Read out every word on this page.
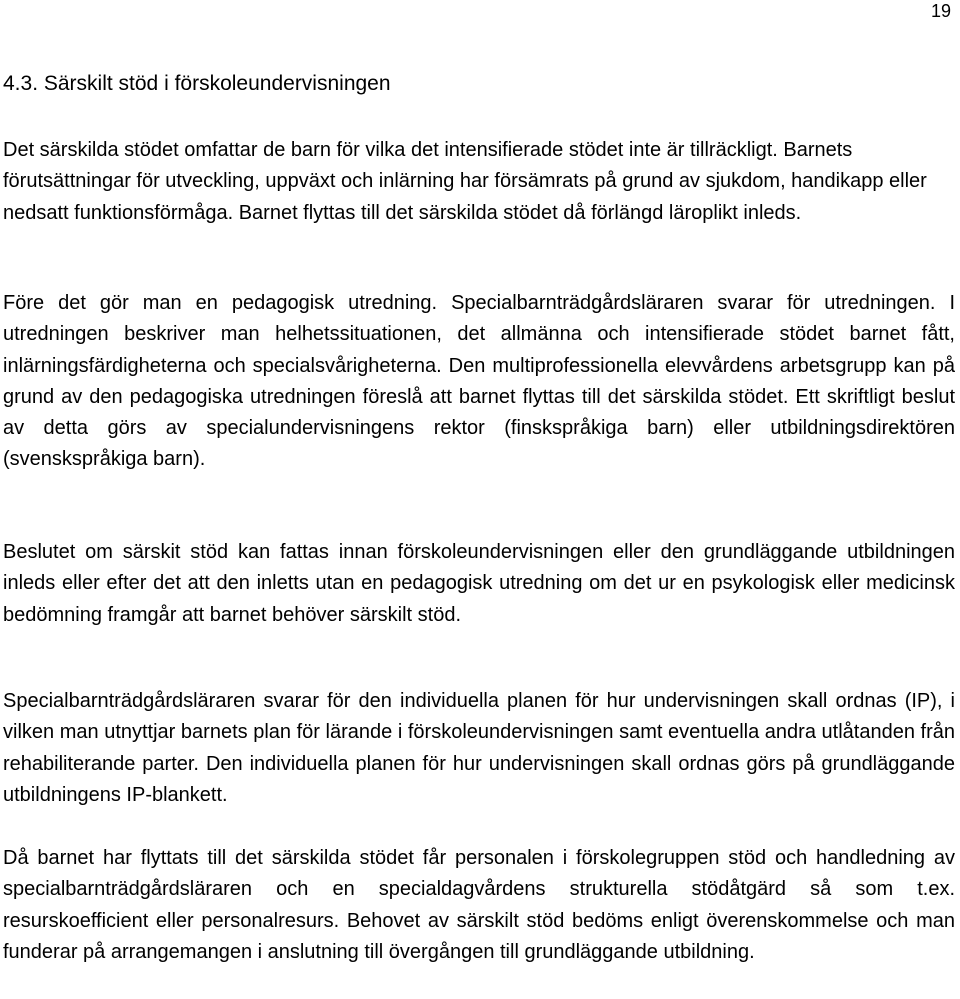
19
4.3. Särskilt stöd i förskoleundervisningen

Det särskilda stödet omfattar de barn för vilka det intensifierade stödet inte är tillräckligt. Barnets förutsättningar för utveckling, uppväxt och inlärning har försämrats på grund av sjukdom, handikapp eller nedsatt funktionsförmåga. Barnet flyttas till det särskilda stödet då förlängd läroplikt inleds.

Före det gör man en pedagogisk utredning. Specialbarnträdgårdsläraren svarar för utredningen. I utredningen beskriver man helhetssituationen, det allmänna och intensifierade stödet barnet fått, inlärningsfärdigheterna och specialsvårigheterna. Den multiprofessionella elevvårdens arbetsgrupp kan på grund av den pedagogiska utredningen föreslå att barnet flyttas till det särskilda stödet. Ett skriftligt beslut av detta görs av specialundervisningens rektor (finskspråkiga barn) eller utbildningsdirektören (svenskspråkiga barn).

Beslutet om särskit stöd kan fattas innan förskoleundervisningen eller den grundläggande utbildningen inleds eller efter det att den inletts utan en pedagogisk utredning om det ur en psykologisk eller medicinsk bedömning framgår att barnet behöver särskilt stöd.

Specialbarnträdgårdsläraren svarar för den individuella planen för hur undervisningen skall ordnas (IP), i vilken man utnyttjar barnets plan för lärande i förskoleundervisningen samt eventuella andra utlåtanden från rehabiliterande parter. Den individuella planen för hur undervisningen skall ordnas görs på grundläggande utbildningens IP-blankett.

Då barnet har flyttats till det särskilda stödet får personalen i förskolegruppen stöd och handledning av specialbarnträdgårdsläraren och en specialdagvårdens strukturella stödåtgärd så som t.ex. resurskoefficient eller personalresurs. Behovet av särskilt stöd bedöms enligt överenskommelse och man funderar på arrangemangen i anslutning till övergången till grundläggande utbildning.
